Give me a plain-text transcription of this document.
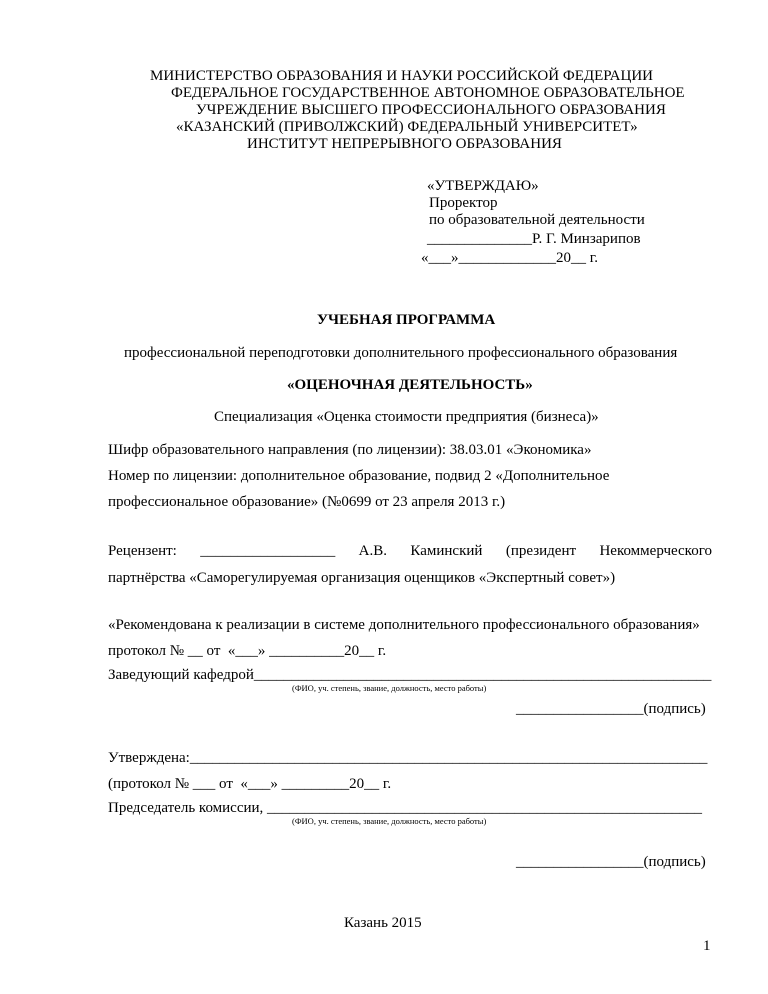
МИНИСТЕРСТВО ОБРАЗОВАНИЯ И НАУКИ РОССИЙСКОЙ ФЕДЕРАЦИИ
ФЕДЕРАЛЬНОЕ ГОСУДАРСТВЕННОЕ АВТОНОМНОЕ ОБРАЗОВАТЕЛЬНОЕ
УЧРЕЖДЕНИЕ ВЫСШЕГО ПРОФЕССИОНАЛЬНОГО ОБРАЗОВАНИЯ
«КАЗАНСКИЙ (ПРИВОЛЖСКИЙ) ФЕДЕРАЛЬНЫЙ УНИВЕРСИТЕТ»
ИНСТИТУТ НЕПРЕРЫВНОГО ОБРАЗОВАНИЯ
«УТВЕРЖДАЮ»
Проректор
по образовательной деятельности
______________Р. Г. Минзарипов
«___»_____________20__ г.
УЧЕБНАЯ ПРОГРАММА
профессиональной переподготовки дополнительного профессионального образования
«ОЦЕНОЧНАЯ ДЕЯТЕЛЬНОСТЬ»
Специализация «Оценка стоимости предприятия (бизнеса)»
Шифр образовательного направления (по лицензии): 38.03.01 «Экономика»
Номер по лицензии: дополнительное образование, подвид 2 «Дополнительное
профессиональное образование» (№0699 от 23 апреля 2013 г.)
Рецензент: __________________ А.В. Каминский (президент Некоммерческого
партнёрства «Саморегулируемая организация оценщиков «Экспертный совет»)
«Рекомендована к реализации в системе дополнительного профессионального образования»
протокол № __ от  «___» __________20__ г.
Заведующий кафедрой_____________________________________________________________
(ФИО, уч. степень, звание, должность, место работы)
_________________(подпись)
Утверждена:_____________________________________________________________________
(протокол № ___ от  «___» _________20__ г.
Председатель комиссии, __________________________________________________________
(ФИО, уч. степень, звание, должность, место работы)
_________________(подпись)
Казань 2015
1
